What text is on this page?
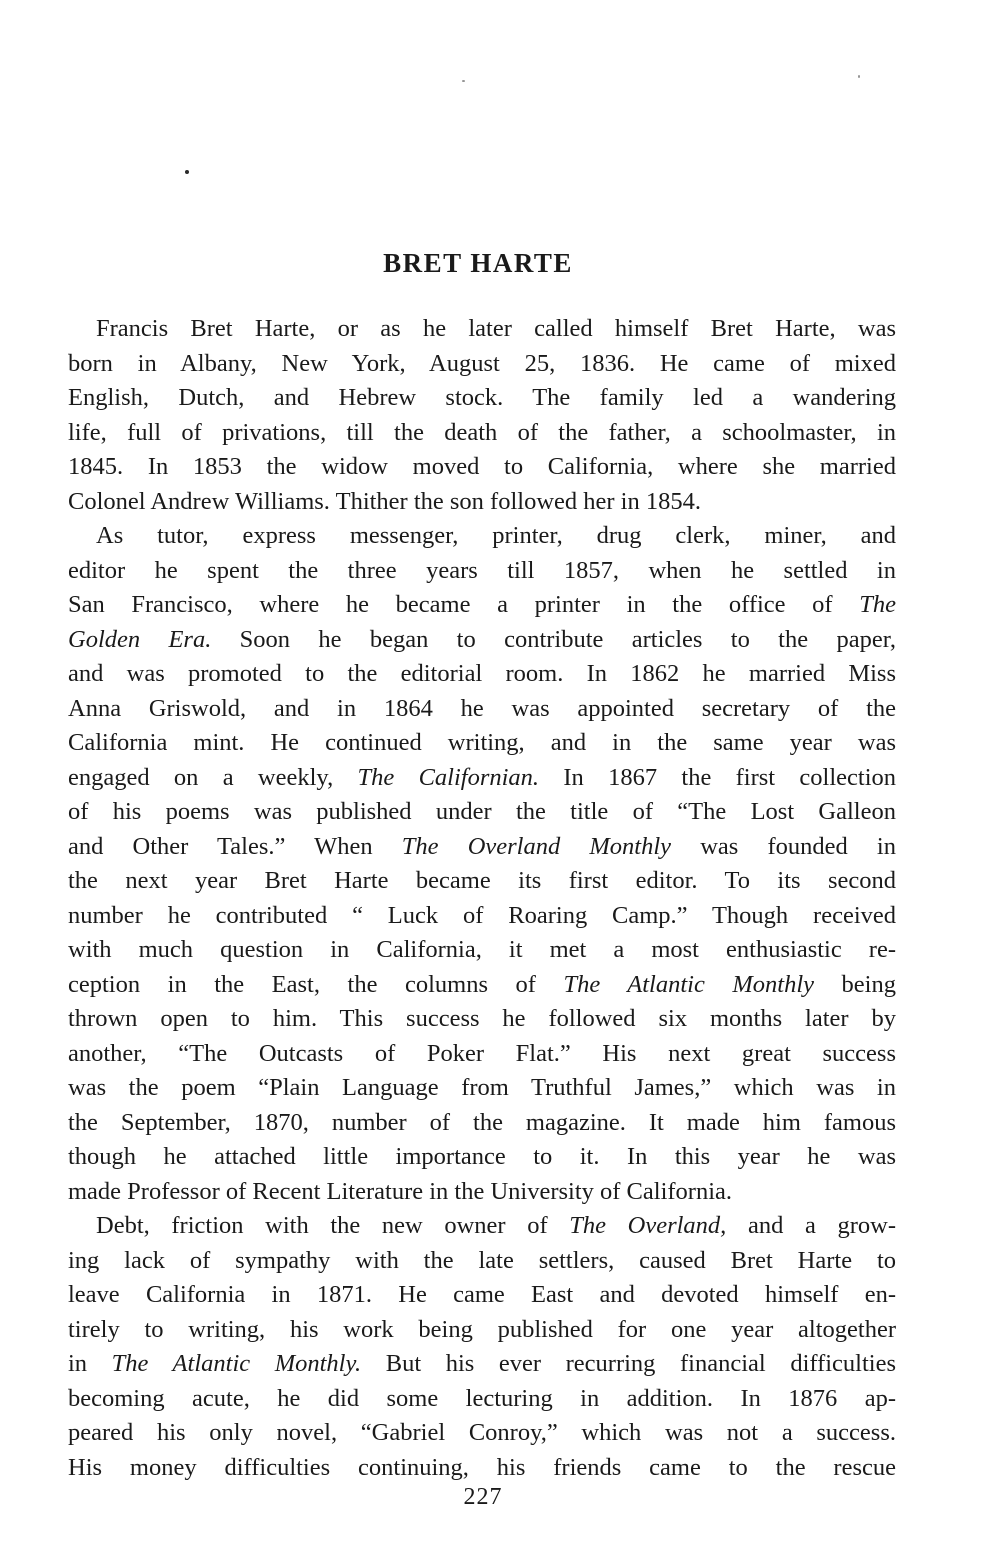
BRET HARTE
Francis Bret Harte, or as he later called himself Bret Harte, was
born in Albany, New York, August 25, 1836. He came of mixed
English, Dutch, and Hebrew stock. The family led a wandering
life, full of privations, till the death of the father, a schoolmaster, in
1845. In 1853 the widow moved to California, where she married
Colonel Andrew Williams. Thither the son followed her in 1854.
As tutor, express messenger, printer, drug clerk, miner, and
editor he spent the three years till 1857, when he settled in
San Francisco, where he became a printer in the office of The
Golden Era. Soon he began to contribute articles to the paper,
and was promoted to the editorial room. In 1862 he married Miss
Anna Griswold, and in 1864 he was appointed secretary of the
California mint. He continued writing, and in the same year was
engaged on a weekly, The Californian. In 1867 the first collection
of his poems was published under the title of “The Lost Galleon
and Other Tales.” When The Overland Monthly was founded in
the next year Bret Harte became its first editor. To its second
number he contributed “ Luck of Roaring Camp.” Though received
with much question in California, it met a most enthusiastic re-
ception in the East, the columns of The Atlantic Monthly being
thrown open to him. This success he followed six months later by
another, “The Outcasts of Poker Flat.” His next great success
was the poem “Plain Language from Truthful James,” which was in
the September, 1870, number of the magazine. It made him famous
though he attached little importance to it. In this year he was
made Professor of Recent Literature in the University of California.
Debt, friction with the new owner of The Overland, and a grow-
ing lack of sympathy with the late settlers, caused Bret Harte to
leave California in 1871. He came East and devoted himself en-
tirely to writing, his work being published for one year altogether
in The Atlantic Monthly. But his ever recurring financial difficulties
becoming acute, he did some lecturing in addition. In 1876 ap-
peared his only novel, “Gabriel Conroy,” which was not a success.
His money difficulties continuing, his friends came to the rescue

227
